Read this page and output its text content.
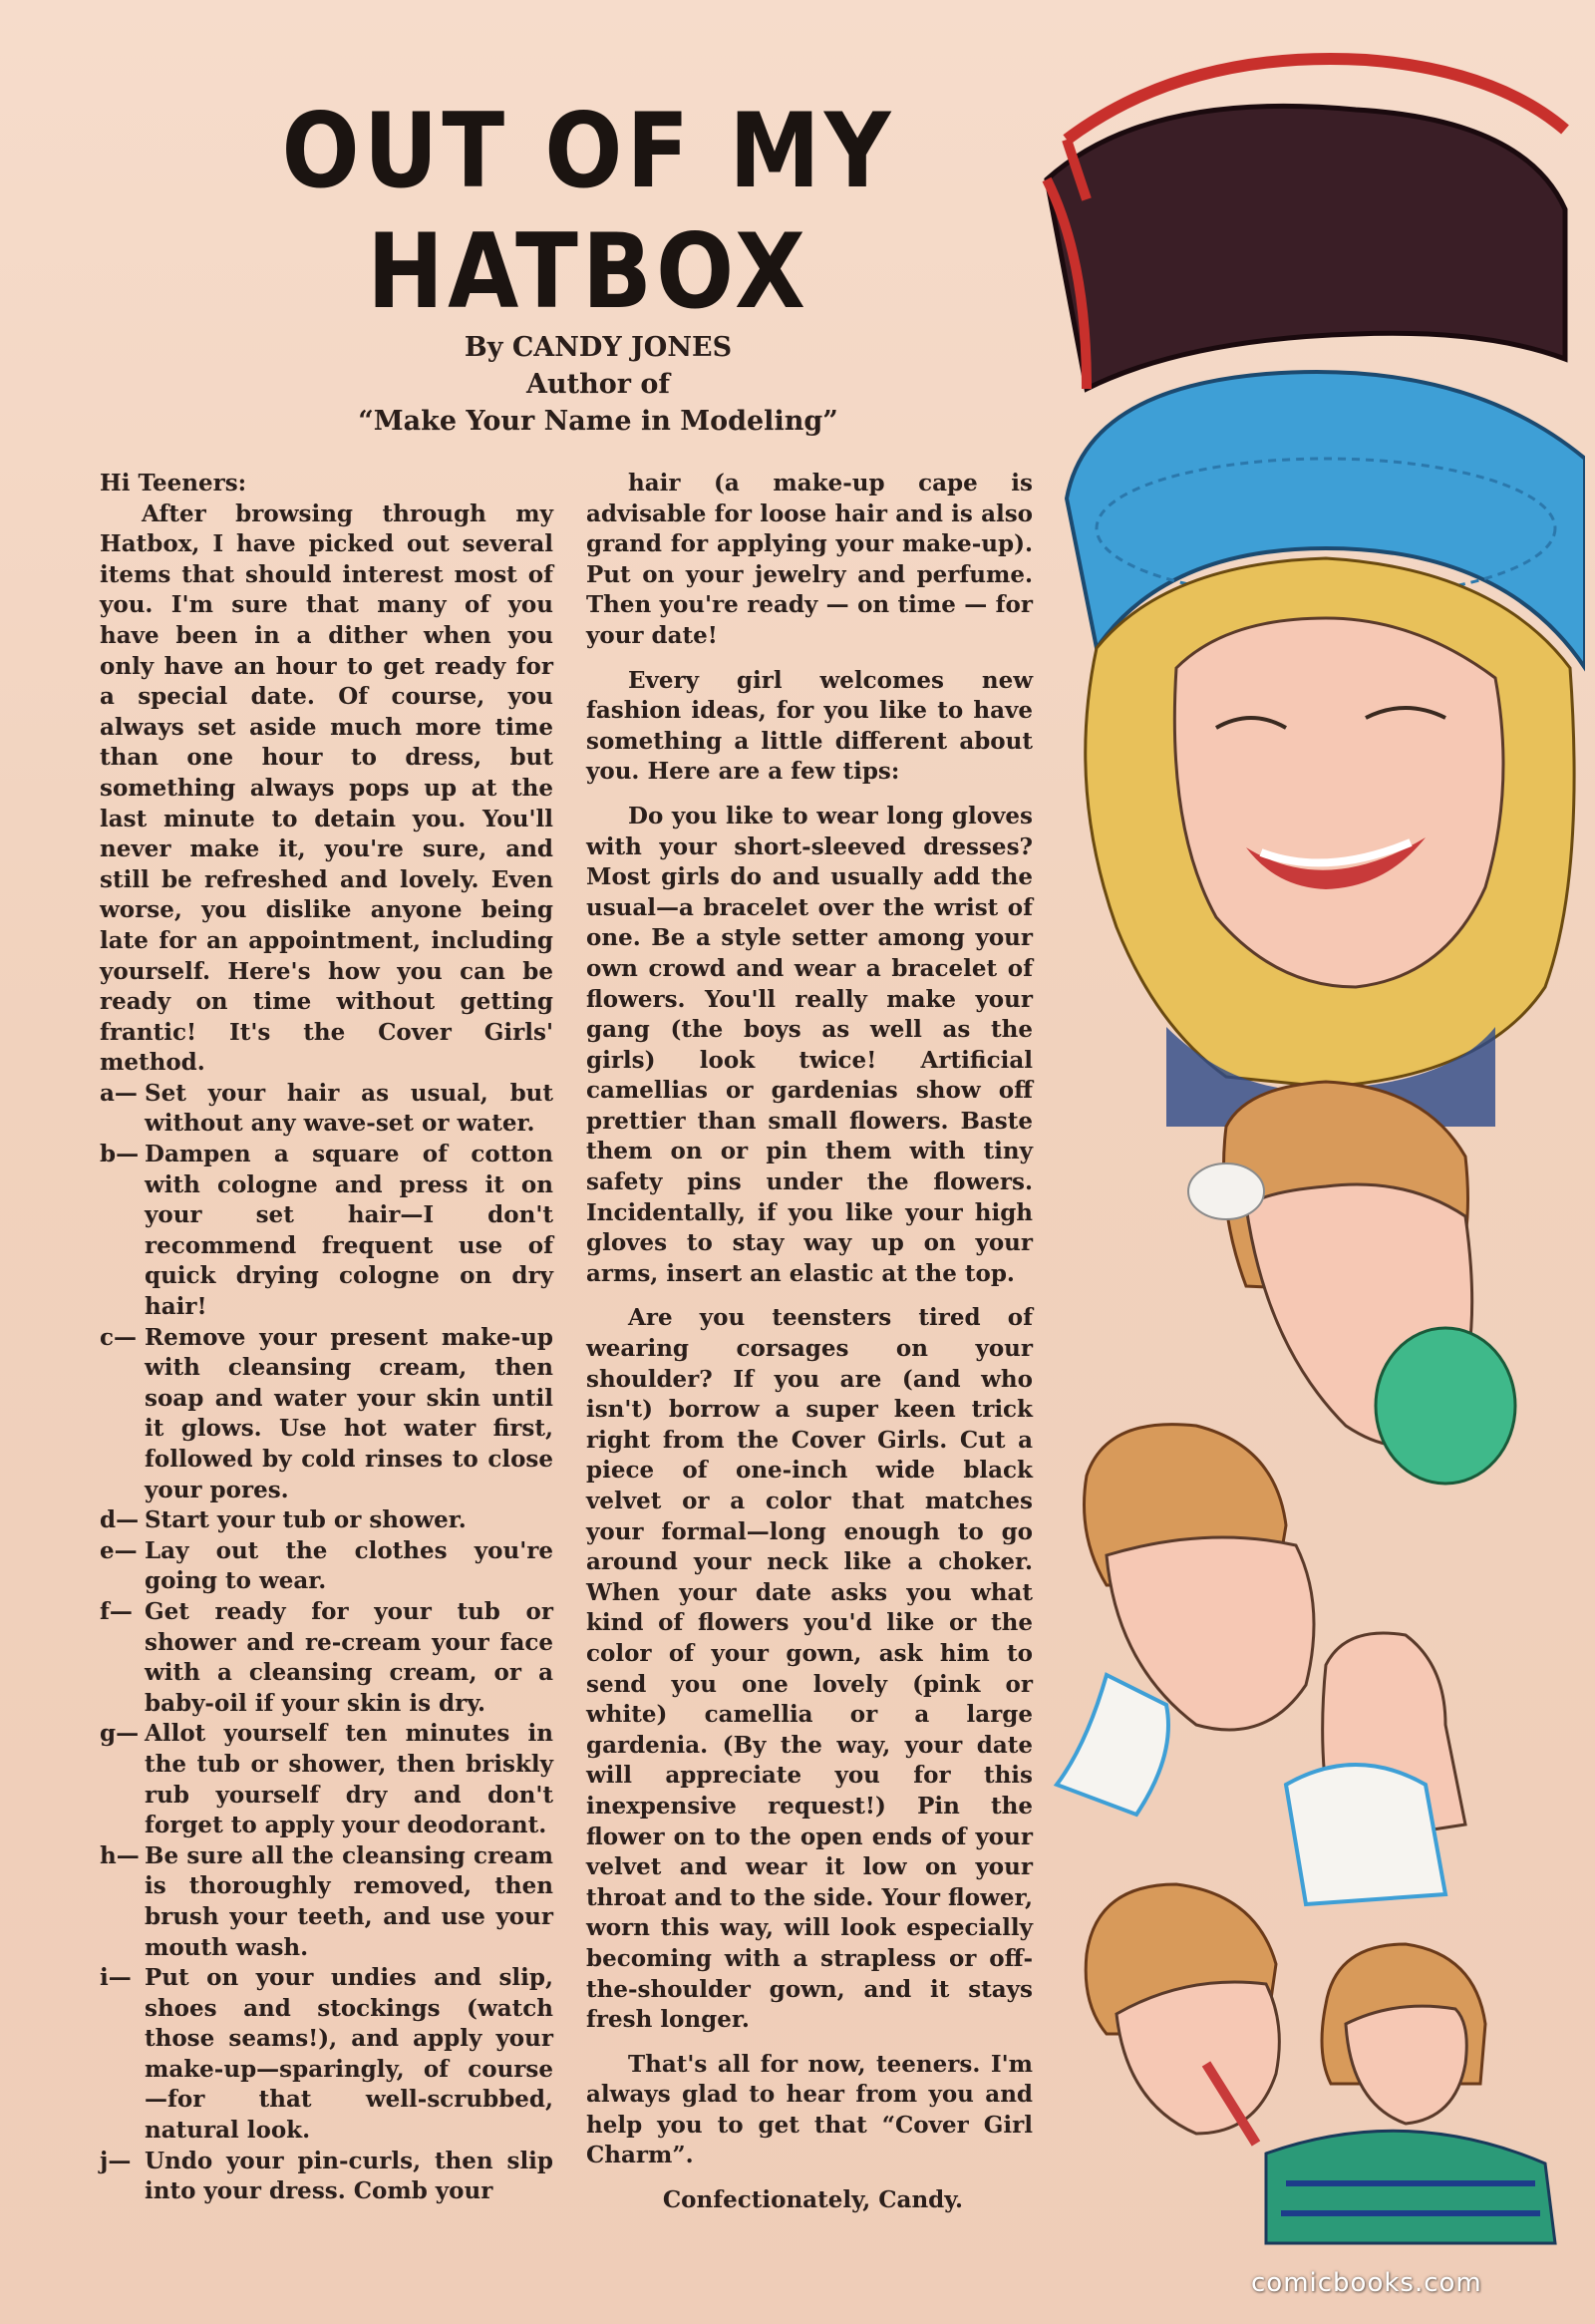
OUT OF MY
HATBOX
By CANDY JONES
Author of
“Make Your Name in Modeling”

Hi Teeners:

After browsing through my Hatbox, I have picked out several items that should interest most of you. I'm sure that many of you have been in a dither when you only have an hour to get ready for a special date. Of course, you always set aside much more time than one hour to dress, but something always pops up at the last minute to detain you. You'll never make it, you're sure, and still be refreshed and lovely. Even worse, you dislike anyone being late for an appointment, including yourself. Here's how you can be ready on time without getting frantic! It's the Cover Girls' method.

a— Set your hair as usual, but without any wave-set or water.
b— Dampen a square of cotton with cologne and press it on your set hair—I don't recommend frequent use of quick drying cologne on dry hair!
c— Remove your present make-up with cleansing cream, then soap and water your skin until it glows. Use hot water first, followed by cold rinses to close your pores.
d— Start your tub or shower.
e— Lay out the clothes you're going to wear.
f— Get ready for your tub or shower and re-cream your face with a cleansing cream, or a baby-oil if your skin is dry.
g— Allot yourself ten minutes in the tub or shower, then briskly rub yourself dry and don't forget to apply your deodorant.
h— Be sure all the cleansing cream is thoroughly removed, then brush your teeth, and use your mouth wash.
i— Put on your undies and slip, shoes and stockings (watch those seams!), and apply your make-up—sparingly, of course—for that well-scrubbed, natural look.
j— Undo your pin-curls, then slip into your dress. Comb your

hair (a make-up cape is advisable for loose hair and is also grand for applying your make-up). Put on your jewelry and perfume. Then you're ready — on time — for your date!

Every girl welcomes new fashion ideas, for you like to have something a little different about you. Here are a few tips:

Do you like to wear long gloves with your short-sleeved dresses? Most girls do and usually add the usual—a bracelet over the wrist of one. Be a style setter among your own crowd and wear a bracelet of flowers. You'll really make your gang (the boys as well as the girls) look twice! Artificial camellias or gardenias show off prettier than small flowers. Baste them on or pin them with tiny safety pins under the flowers. Incidentally, if you like your high gloves to stay way up on your arms, insert an elastic at the top.

Are you teensters tired of wearing corsages on your shoulder? If you are (and who isn't) borrow a super keen trick right from the Cover Girls. Cut a piece of one-inch wide black velvet or a color that matches your formal—long enough to go around your neck like a choker. When your date asks you what kind of flowers you'd like or the color of your gown, ask him to send you one lovely (pink or white) camellia or a large gardenia. (By the way, your date will appreciate you for this inexpensive request!) Pin the flower on to the open ends of your velvet and wear it low on your throat and to the side. Your flower, worn this way, will look especially becoming with a strapless or off-the-shoulder gown, and it stays fresh longer.

That's all for now, teeners. I'm always glad to hear from you and help you to get that “Cover Girl Charm”.

Confectionately, Candy.

comicbooks.com
